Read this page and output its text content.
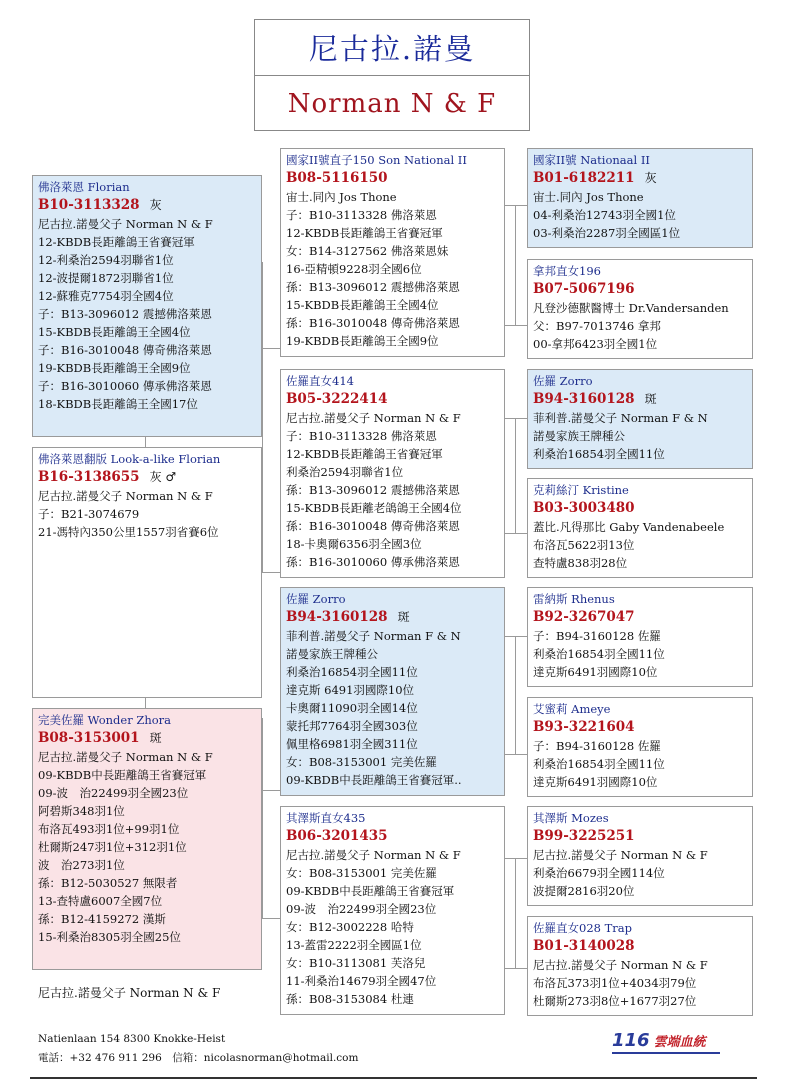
尼古拉.諾曼
Norman N & F
佛洛萊恩 Florian
B10-3113328 灰
尼古拉.諾曼父子 Norman N & F
12-KBDB長距離鴿王省賽冠軍
12-利桑治2594羽聯省1位
12-波提爾1872羽聯省1位
12-蘇雅克7754羽全國4位
子：B13-3096012 震撼佛洛萊恩
15-KBDB長距離鴿王全國4位
子：B16-3010048 傳奇佛洛萊恩
19-KBDB長距離鴿王全國9位
子：B16-3010060 傳承佛洛萊恩
18-KBDB長距離鴿王全國17位
佛洛萊恩翻版 Look-a-like Florian
B16-3138655 灰 ♂
尼古拉.諾曼父子 Norman N & F
子：B21-3074679
21-馮特內350公里1557羽省賽6位
完美佐羅 Wonder Zhora
B08-3153001 斑
尼古拉.諾曼父子 Norman N & F
09-KBDB中長距離鴿王省賽冠軍
09-波　治22499羽全國23位
阿碧斯348羽1位
布洛瓦493羽1位+99羽1位
杜爾斯247羽1位+312羽1位
波　治273羽1位
孫：B12-5030527 無限者
13-查特盧6007全國7位
孫：B12-4159272 漢斯
15-利桑治8305羽全國25位
國家II號直子150 Son National II
B08-5116150
宙士.同內 Jos Thone
子：B10-3113328 佛洛萊恩
12-KBDB長距離鴿王省賽冠軍
女：B14-3127562 佛洛萊恩妹
16-亞精頓9228羽全國6位
孫：B13-3096012 震撼佛洛萊恩
15-KBDB長距離鴿王全國4位
孫：B16-3010048 傳奇佛洛萊恩
19-KBDB長距離鴿王全國9位
佐羅直女414
B05-3222414
尼古拉.諾曼父子 Norman N & F
子：B10-3113328 佛洛萊恩
12-KBDB長距離鴿王省賽冠軍
利桑治2594羽聯省1位
孫：B13-3096012 震撼佛洛萊恩
15-KBDB長距離老鴿鴿王全國4位
孫：B16-3010048 傳奇佛洛萊恩
18-卡奧爾6356羽全國3位
孫：B16-3010060 傳承佛洛萊恩
佐羅 Zorro
B94-3160128 斑
菲利普.諾曼父子 Norman F & N
諾曼家族王牌種公
利桑治16854羽全國11位
達克斯 6491羽國際10位
卡奧爾11090羽全國14位
蒙托邦7764羽全國303位
佩里格6981羽全國311位
女：B08-3153001 完美佐羅
09-KBDB中長距離鴿王省賽冠軍..
其澤斯直女435
B06-3201435
尼古拉.諾曼父子 Norman N & F
女：B08-3153001 完美佐羅
09-KBDB中長距離鴿王省賽冠軍
09-波　治22499羽全國23位
女：B12-3002228 哈特
13-蓋雷2222羽全國區1位
女：B10-3113081 芙洛兒
11-利桑治14679羽全國47位
孫：B08-3153084 杜連
國家II號 Nationaal II
B01-6182211 灰
宙士.同內 Jos Thone
04-利桑治12743羽全國1位
03-利桑治2287羽全國區1位
拿邦直女196
B07-5067196
凡登沙德獸醫博士 Dr.Vandersanden
父：B97-7013746 拿邦
00-拿邦6423羽全國1位
佐羅 Zorro
B94-3160128 斑
菲利普.諾曼父子 Norman F & N
諾曼家族王牌種公
利桑治16854羽全國11位
克莉絲汀 Kristine
B03-3003480
蓋比.凡得那比 Gaby Vandenabeele
布洛瓦5622羽13位
查特盧838羽28位
雷納斯 Rhenus
B92-3267047
子：B94-3160128 佐羅
利桑治16854羽全國11位
達克斯6491羽國際10位
艾蜜莉 Ameye
B93-3221604
子：B94-3160128 佐羅
利桑治16854羽全國11位
達克斯6491羽國際10位
其澤斯 Mozes
B99-3225251
尼古拉.諾曼父子 Norman N & F
利桑治6679羽全國114位
波提爾2816羽20位
佐羅直女028 Trap
B01-3140028
尼古拉.諾曼父子 Norman N & F
布洛瓦373羽1位+4034羽79位
杜爾斯273羽8位+1677羽27位
尼古拉.諾曼父子 Norman N & F
Natienlaan 154 8300 Knokke-Heist
電話：+32 476 911 296　信箱：nicolasnorman@hotmail.com
116 雲端血統
